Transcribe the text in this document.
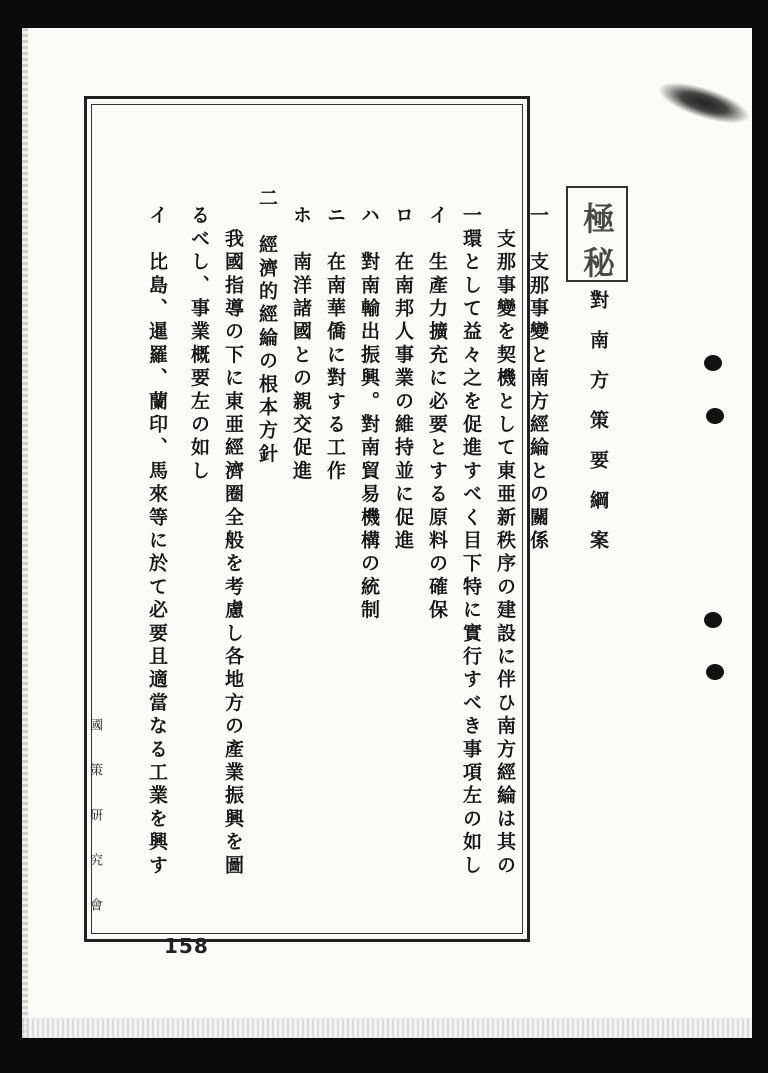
極
秘
對南方策要綱案
一　支那事變と南方經綸との關係
　支那事變を契機として東亜新秩序の建設に伴ひ南方經綸は其の
一環として益々之を促進すべく目下特に實行すべき事項左の如し
イ　生產力擴充に必要とする原料の確保
ロ　在南邦人事業の維持並に促進
ハ　對南輸出振興。對南貿易機構の統制
ニ　在南華僑に對する工作
ホ　南洋諸國との親交促進
二　經濟的經綸の根本方針
　我國指導の下に東亜經濟圈全般を考慮し各地方の產業振興を圖
るべし、事業概要左の如し
イ　比島、暹羅、蘭印、馬來等に於て必要且適當なる工業を興す
國策研究會
158
